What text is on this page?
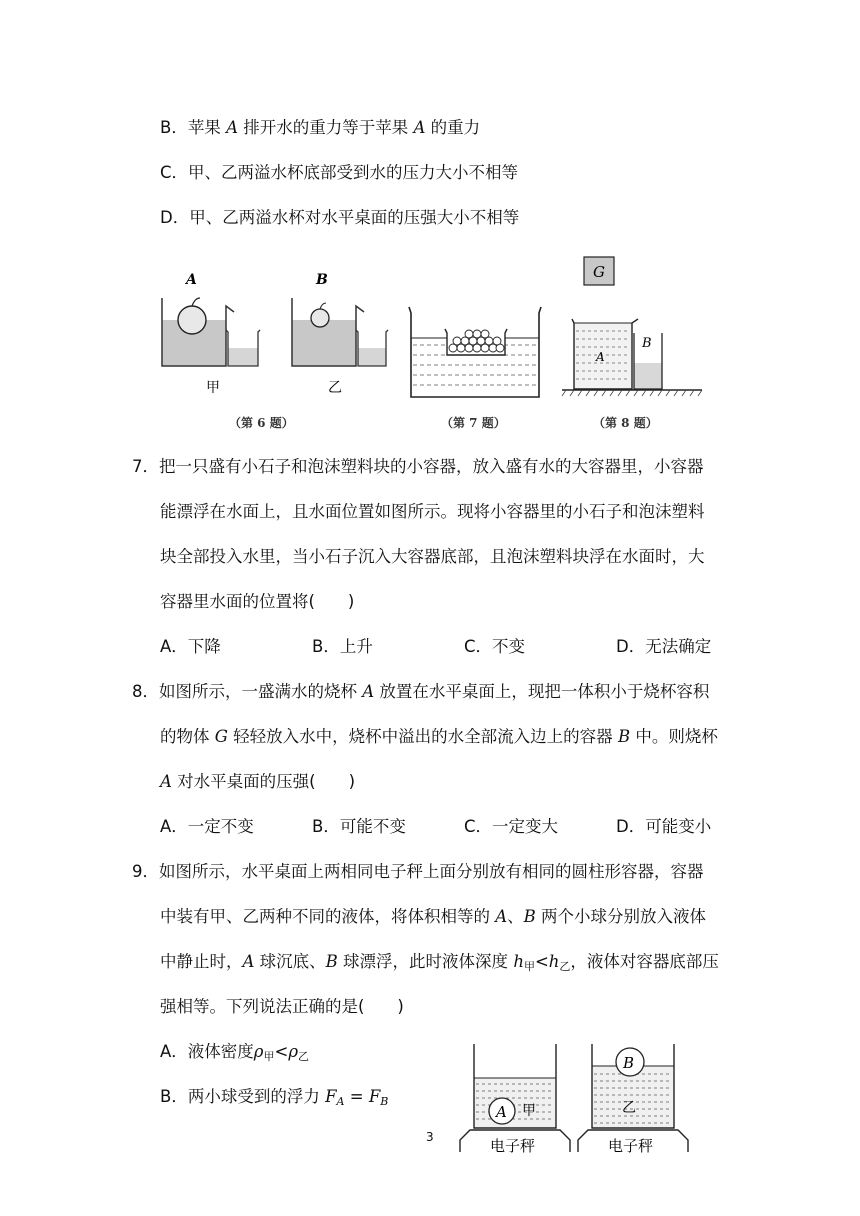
B．苹果 A 排开水的重力等于苹果 A 的重力
C．甲、乙两溢水杯底部受到水的压力大小不相等
D．甲、乙两溢水杯对水平桌面的压强大小不相等
A
甲
B
乙
（第 6 题）	（第 7 题）
G
A
B
（第 8 题）
7．把一只盛有小石子和泡沫塑料块的小容器，放入盛有水的大容器里，小容器
能漂浮在水面上，且水面位置如图所示。现将小容器里的小石子和泡沫塑料
块全部投入水里，当小石子沉入大容器底部，且泡沫塑料块浮在水面时，大
容器里水面的位置将(　　)
A．下降	B．上升	C．不变	D．无法确定
8．如图所示，一盛满水的烧杯 A 放置在水平桌面上，现把一体积小于烧杯容积
的物体 G 轻轻放入水中，烧杯中溢出的水全部流入边上的容器 B 中。则烧杯
A 对水平桌面的压强(　　)
A．一定不变	B．可能不变	C．一定变大	D．可能变小
9．如图所示，水平桌面上两相同电子秤上面分别放有相同的圆柱形容器，容器
中装有甲、乙两种不同的液体，将体积相等的 A、B 两个小球分别放入液体
中静止时，A 球沉底、B 球漂浮，此时液体深度 $h_甲<h_乙$，液体对容器底部压
强相等。下列说法正确的是(　　)
A．液体密度$\rho_甲<\rho_乙$
B．两小球受到的浮力 $F_A = F_B$
A 甲
电子秤
B
乙
电子秤
3
